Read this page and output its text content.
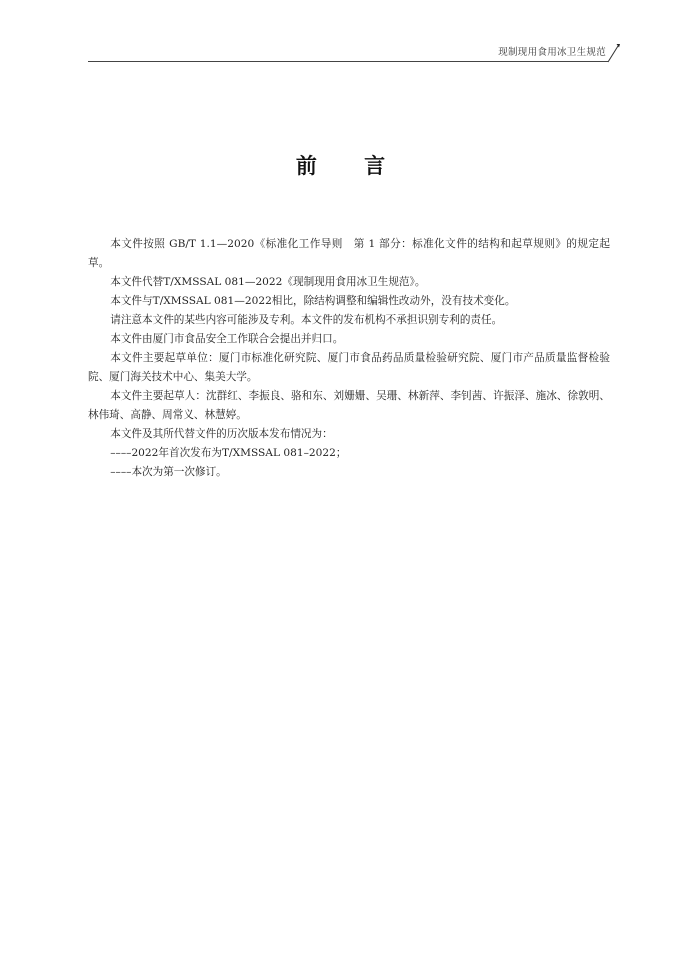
现制现用食用冰卫生规范
前 言

本文件按照 GB/T 1.1—2020《标准化工作导则　第 1 部分：标准化文件的结构和起草规则》的规定起草。

本文件代替T/XMSSAL 081—2022《现制现用食用冰卫生规范》。

本文件与T/XMSSAL 081—2022相比，除结构调整和编辑性改动外，没有技术变化。

请注意本文件的某些内容可能涉及专利。本文件的发布机构不承担识别专利的责任。

本文件由厦门市食品安全工作联合会提出并归口。

本文件主要起草单位：厦门市标准化研究院、厦门市食品药品质量检验研究院、厦门市产品质量监督检验院、厦门海关技术中心、集美大学。

本文件主要起草人：沈群红、李振良、骆和东、刘姗姗、吴珊、林新萍、李钊茜、许振泽、施冰、徐敦明、林伟琦、高静、周常义、林慧婷。

本文件及其所代替文件的历次版本发布情况为：

––––2022年首次发布为T/XMSSAL 081–2022；

––––本次为第一次修订。
